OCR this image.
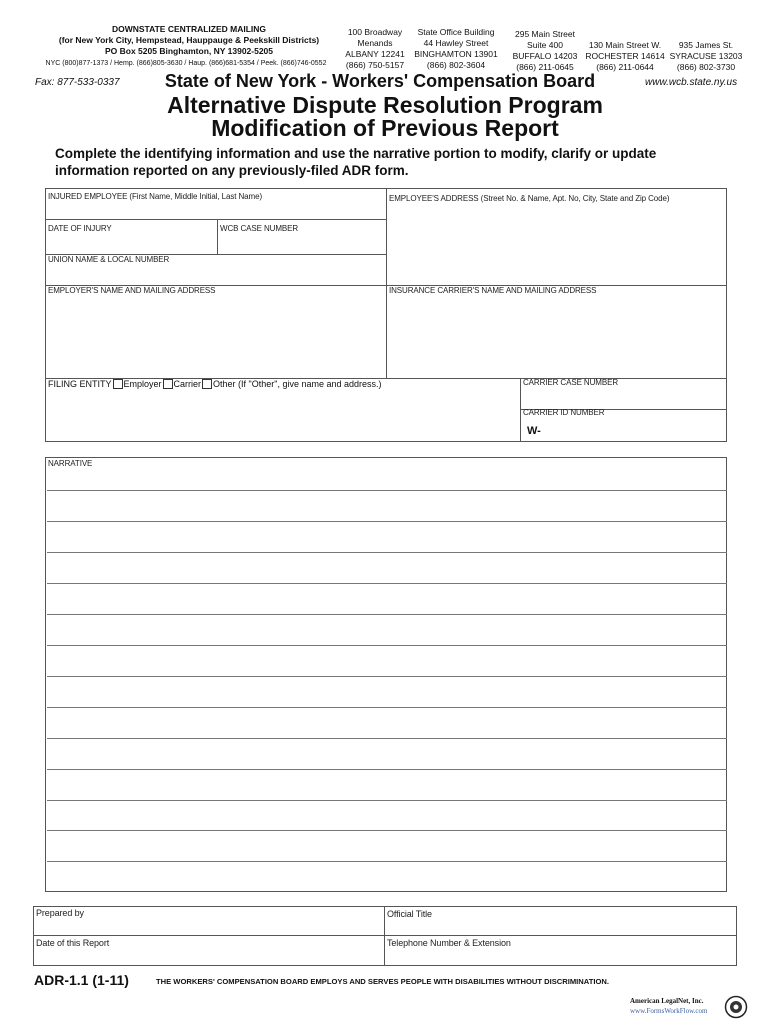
DOWNSTATE CENTRALIZED MAILING
(for New York City, Hempstead, Hauppauge & Peekskill Districts)
PO Box 5205 Binghamton, NY 13902-5205
NYC (800)877-1373 / Hemp. (866)805-3630 / Haup. (866)681-5354 / Peek. (866)746-0552
100 Broadway
Menands
ALBANY 12241
(866) 750-5157
State Office Building
44 Hawley Street
BINGHAMTON 13901
(866) 802-3604
295 Main Street
Suite 400
BUFFALO 14203
(866) 211-0645
130 Main Street W.
ROCHESTER 14614
(866) 211-0644
935 James St.
SYRACUSE 13203
(866) 802-3730
Fax: 877-533-0337	www.wcb.state.ny.us
State of New York - Workers' Compensation Board
Alternative Dispute Resolution Program
Modification of Previous Report
Complete the identifying information and use the narrative portion to modify, clarify or update
information reported on any previously-filed ADR form.
INJURED EMPLOYEE (First Name, Middle Initial, Last Name)	EMPLOYEE'S ADDRESS (Street No. & Name, Apt. No, City, State and Zip Code)
DATE OF INJURY	WCB CASE NUMBER
UNION NAME & LOCAL NUMBER
EMPLOYER'S NAME AND MAILING ADDRESS	INSURANCE CARRIER'S NAME AND MAILING ADDRESS
FILING ENTITY Employer Carrier Other (If "Other", give name and address.)	CARRIER CASE NUMBER
CARRIER ID NUMBER
W-
NARRATIVE
Prepared by	Official Title
Date of this Report	Telephone Number & Extension
ADR-1.1 (1-11)	THE WORKERS' COMPENSATION BOARD EMPLOYS AND SERVES PEOPLE WITH DISABILITIES WITHOUT DISCRIMINATION.
American LegalNet, Inc.
www.FormsWorkFlow.com
